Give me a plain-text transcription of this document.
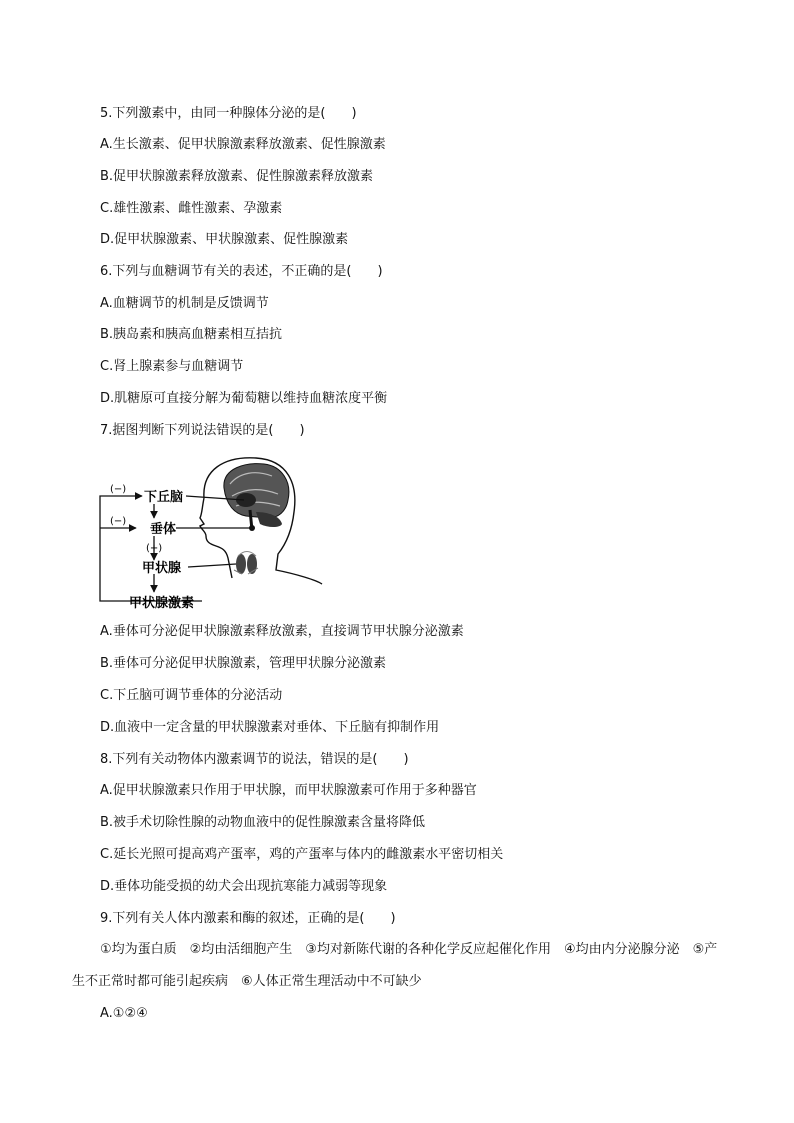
5.下列激素中，由同一种腺体分泌的是(　　)
A.生长激素、促甲状腺激素释放激素、促性腺激素
B.促甲状腺激素释放激素、促性腺激素释放激素
C.雄性激素、雌性激素、孕激素
D.促甲状腺激素、甲状腺激素、促性腺激素
6.下列与血糖调节有关的表述，不正确的是(　　)
A.血糖调节的机制是反馈调节
B.胰岛素和胰高血糖素相互拮抗
C.肾上腺素参与血糖调节
D.肌糖原可直接分解为葡萄糖以维持血糖浓度平衡
7.据图判断下列说法错误的是(　　)
(−)
(−)
(+)
下丘脑
垂体
甲状腺
甲状腺激素
A.垂体可分泌促甲状腺激素释放激素，直接调节甲状腺分泌激素
B.垂体可分泌促甲状腺激素，管理甲状腺分泌激素
C.下丘脑可调节垂体的分泌活动
D.血液中一定含量的甲状腺激素对垂体、下丘脑有抑制作用
8.下列有关动物体内激素调节的说法，错误的是(　　)
A.促甲状腺激素只作用于甲状腺，而甲状腺激素可作用于多种器官
B.被手术切除性腺的动物血液中的促性腺激素含量将降低
C.延长光照可提高鸡产蛋率，鸡的产蛋率与体内的雌激素水平密切相关
D.垂体功能受损的幼犬会出现抗寒能力减弱等现象
9.下列有关人体内激素和酶的叙述，正确的是(　　)
①均为蛋白质　②均由活细胞产生　③均对新陈代谢的各种化学反应起催化作用　④均由内分泌腺分泌　⑤产生不正常时都可能引起疾病　⑥人体正常生理活动中不可缺少
A.①②④
